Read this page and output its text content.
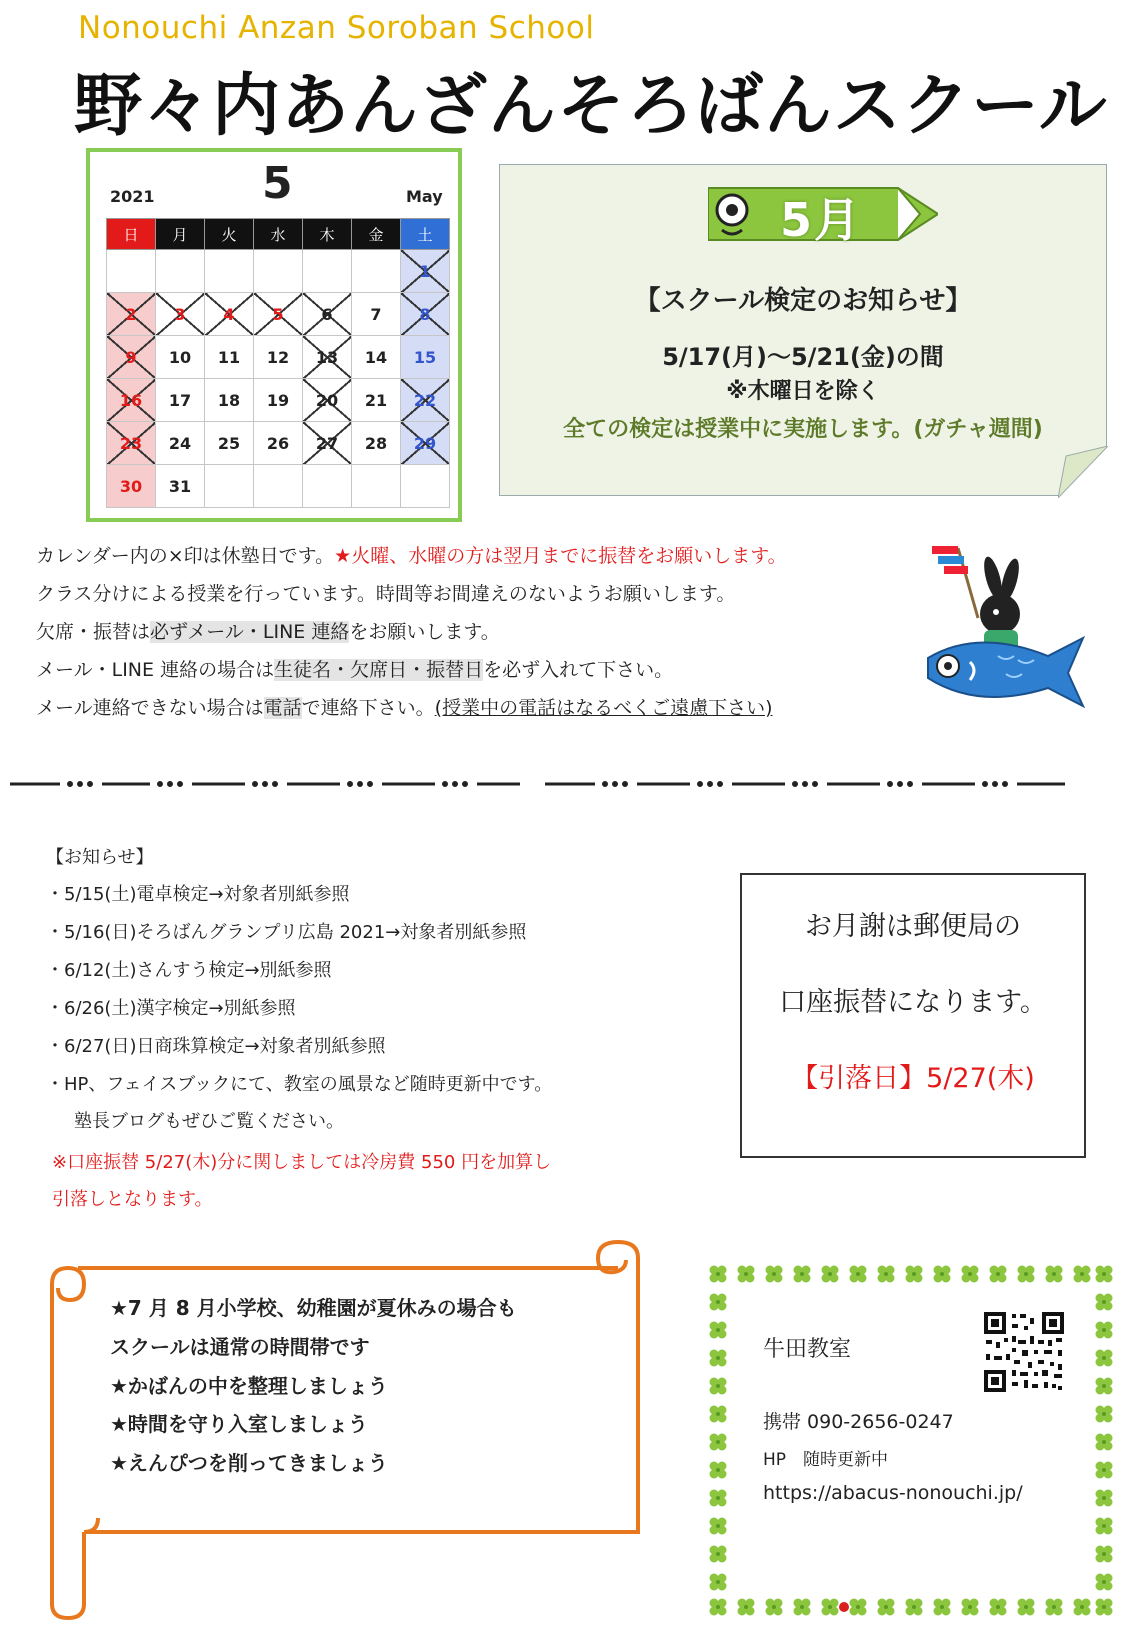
Nonouchi Anzan Soroban School
野々内あんざんそろばんスクール
2021 5	May
日	月	火	水	木	金	土
						1
2	3	4	5	6	7	8
9	10	11	12	13	14	15
16	17	18	19	20	21	22
23	24	25	26	27	28	29
30	31					
5月
【スクール検定のお知らせ】
5/17(月)～5/21(金)の間
※木曜日を除く
全ての検定は授業中に実施します。(ガチャ週間)
カレンダー内の×印は休塾日です。★火曜、水曜の方は翌月までに振替をお願いします。
クラス分けによる授業を行っています。時間等お間違えのないようお願いします。
欠席・振替は必ずメール・LINE 連絡をお願いします。
メール・LINE 連絡の場合は生徒名・欠席日・振替日を必ず入れて下さい。
メール連絡できない場合は電話で連絡下さい。(授業中の電話はなるべくご遠慮下さい)
【お知らせ】
・5/15(土)電卓検定→対象者別紙参照
・5/16(日)そろばんグランプリ広島 2021→対象者別紙参照
・6/12(土)さんすう検定→別紙参照
・6/26(土)漢字検定→別紙参照
・6/27(日)日商珠算検定→対象者別紙参照
・HP、フェイスブックにて、教室の風景など随時更新中です。
塾長ブログもぜひご覧ください。
※口座振替 5/27(木)分に関しましては冷房費 550 円を加算し
引落しとなります。
お月謝は郵便局の
口座振替になります。
【引落日】5/27(木)
★7 月 8 月小学校、幼稚園が夏休みの場合も
スクールは通常の時間帯です
★かばんの中を整理しましょう
★時間を守り入室しましょう
★えんぴつを削ってきましょう
牛田教室
携帯 090-2656-0247
HP　随時更新中
https://abacus-nonouchi.jp/
